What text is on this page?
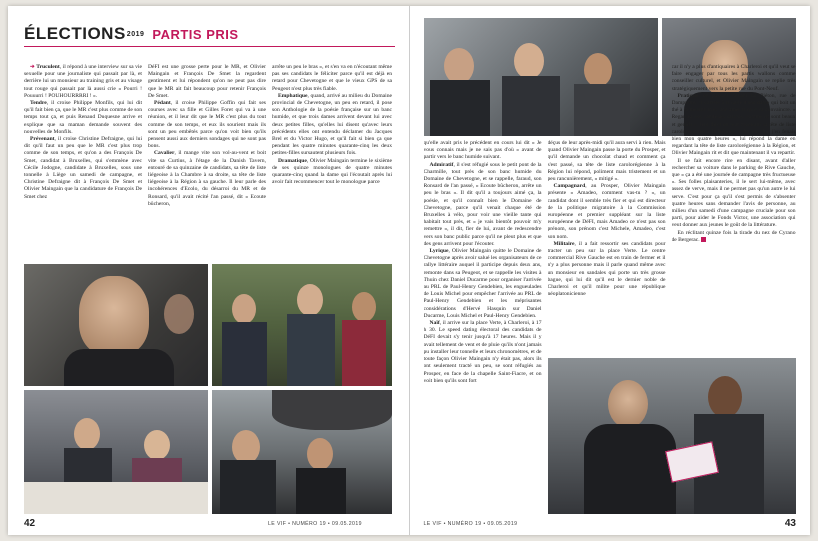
ÉLECTIONS2019 PARTIS PRIS

➔ Truculent, il répond à une interview sur sa vie sexuelle pour une journaliste qui passait par là, et derrière lui un monsieur au training gris et au visage tout rouge qui passait par là aussi crie « Pourri ! Pouuurri ! POUHOURRRRI ! ».

Tendre, il croise Philippe Monfils, qui lui dit qu'il fait bien ça, que le MR c'est plus comme de son temps tout ça, et puis Renaud Duquesne arrive et explique que sa maman demande souvent des nouvelles de Monfils.

Prévenant, il croise Christine Defraigne, qui lui dit qu'il faut un peu que le MR c'est plus trop comme de son temps, et qu'on a des François De Smet, candidat à Bruxelles, qui s'emmène avec Cécile Jodogne, candidate à Bruxelles, sous une tonnelle à Liège un samedi de campagne, et Christine Defraigne dit à François De Smet et Olivier Maingain que la candidature de François De Smet chez

DéFI est une grosse perte pour le MR, et Olivier Maingain et François De Smet la regardent gentiment et lui répondent qu'on ne peut pas dire que le MR ait fait beaucoup pour retenir François De Smet.

Pédant, il croise Philippe Goffin qui fait ses courses avec sa fille et Gilles Foret qui va à une réunion, et il leur dit que le MR c'est plus du tout comme de son temps, et eux ils sourient mais ils sont un peu embêtés parce qu'on voit bien qu'ils pensent aussi aux derniers sondages qui ne sont pas bons.

Cavalier, il mange vite son vol-au-vent et boit vite sa Curtius, à l'étage de la Danish Tavern, entouré de sa quinzaine de candidats, sa tête de liste liégeoise à la Chambre à sa droite, sa tête de liste liégeoise à la Région à sa gauche. Il leur parle des incohérences d'Ecolo, du désarroi du MR et de Ronsard, qu'il avait récité l'an passé, dit « Ecoute bûcheron,

arrête un peu le bras », et s'en va en n'écoutant même pas ses candidats le féliciter parce qu'il est déjà en retard pour Chevetogne et que le vieux GPS de sa Peugeot n'est plus très fiable.

Emphatique, quand, arrivé au milieu du Domaine provincial de Chevetogne, un peu en retard, il pose son Anthologie de la poésie française sur un banc humide, et que trois dames arrivent devant lui avec deux petites filles, qu'elles lui disent qu'avec leurs précédents elles ont entendu déclamer du Jacques Brel et du Victor Hugo, et qu'il fait si bien ça que pendant les quatre minutes quarante-cinq les deux petites-filles sursautent plusieurs fois.

Dramatique, Olivier Maingain termine le sixième de ses quinze monologues de quatre minutes quarante-cinq quand la dame qui l'écoutait après lui avoir fait recommencer tout le monologue parce

42	LE VIF • NUMÉRO 19 • 09.05.2019

qu'elle avait pris le précédent en cours lui dit « Je vous connais mais je ne sais pas d'où » avant de partir vers le banc humide suivant.

Admiratif, il s'est réfugié sous le petit pont de la Charmille, tout près de son banc humide du Domaine de Chevetogne, et se rappelle, faraud, son Ronsard de l'an passé, « Ecoute bûcheron, arrête un peu le bras ». Il dit qu'il a toujours aimé ça, la poésie, et qu'il connaît bien le Domaine de Chevetogne, parce qu'il venait chaque été de Bruxelles à vélo, pour voir une vieille tante qui habitait tout près, et « je vais bientôt pouvoir m'y remettre », il dit, fier de lui, avant de redescendre vers son banc public parce qu'il ne pleut plus et que des gens arrivent pour l'écouter.

Lyrique, Olivier Maingain quitte le Domaine de Chevetogne après avoir salué les organisateurs de ce rallye littéraire auquel il participe depuis deux ans, remonte dans sa Peugeot, et se rappelle les visites à Thuin chez Daniel Ducarme pour organiser l'arrivée au PRL de Paul-Henry Gendebien, les engueulades de Louis Michel pour empêcher l'arrivée au PRL de Paul-Henry Gendebien et les méprisantes considérations d'Hervé Hasquin sur Daniel Ducarme, Louis Michel et Paul-Henry Gendebien.

Naïf, il arrive sur la place Verte, à Charleroi, à 17 h 30. Le speed dating électoral des candidats de DéFI devait s'y tenir jusqu'à 17 heures. Mais il y avait tellement de vent et de pluie qu'ils n'ont jamais pu installer leur tonnelle et leurs chronomètres, et de toute façon Olivier Maingain n'y était pas, alors ils ont seulement tracté un peu, se sont réfugiés au Prosper, en face de la chapelle Saint-Fiacre, et on voit bien qu'ils sont fort

déçus de leur après-midi qu'il aura servi à rien. Mais quand Olivier Maingain passe la porte du Prosper, et qu'il demande un chocolat chaud et comment ça s'est passé, sa tête de liste carolorégienne à la Région lui répond, poliment mais tristement et un peu rancunièrement, « mitigé ».

Campagnard, au Prosper, Olivier Maingain présente « Amadeo, comment vas-tu ? », un candidat dont il semble très fier et qui est directeur de la politique migratoire à la Commission européenne et premier suppléant sur la liste européenne de DéFI, mais Amadeo ce n'est pas son prénom, son prénom c'est Michele, Amadeo, c'est son nom.

Militaire, il a fait ressortir ses candidats pour tracter un peu sur la place Verte. Le centre commercial Rive Gauche est en train de fermer et il n'y a plus personne mais il parle quand même avec un monsieur en sandales qui porte un très grosse bague, qui lui dit qu'il est le dernier noble de Charleroi et qu'il milite pour une république néoplatonicienne

car il n'y a plus d'antiquaires à Charleroi et qu'il veut se faire engager par tous les partis wallons comme conseiller culturel, et Olivier Maingain se replie très stratégiquement vers la petite rue du Pont-Neuf.

Pratique, en passant devant Le Piéton, rue de Dampremy, il s'arrête à la table d'une dame qui boit un thé à la menthe avec une amie et qu'il va convaincre. « Regardez nos candidats carolos, comme ils sont beaux et gentils », leur dit-il en leur montrant sa tête de liste carolorégienne à la Région. « Ah oui, lui, j'en fenais bien mon quatre heures », lui répond la dame en regardant la tête de liste carolorégienne à la Région, et Olivier Maingain rit et dit que maintenant il va repartir.

Il se fait encore rire en disant, avant d'aller rechercher sa voiture dans le parking de Rive Gauche, que « ça a été une journée de campagne très fructueuse ». Ses folles plaisanteries, il le sert lui-même, avec assez de verve, mais il ne permet pas qu'un autre le lui serve. C'est pour ça qu'il s'est permis de s'absenter quatre heures sans demander l'avis de personne, au milieu d'un samedi d'une campagne cruciale pour son parti, pour aider le Fonds Victor, une association qui veut donner aux jeunes le goût de la littérature.

En réclitant quinze fois la tirade du nez de Cyrano de Bergerac.

LE VIF • NUMÉRO 19 • 09.05.2019	43
